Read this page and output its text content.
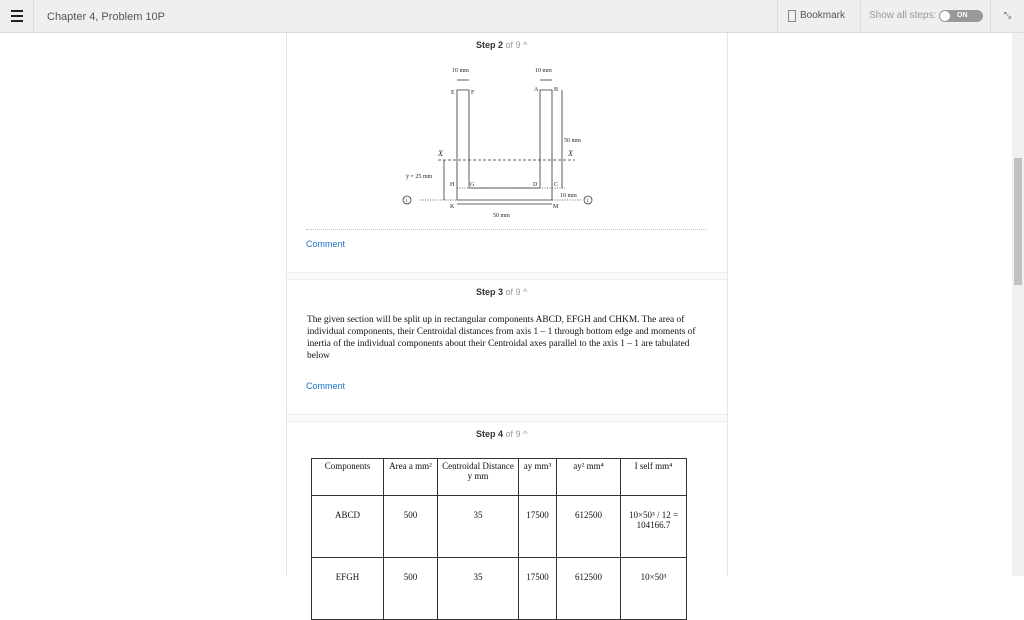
Chapter 4, Problem 10P	Bookmark	Show all steps:	ON	⤡
Step 2 of 9 ^
10 mm	10 mm
E	F	A	B
50 mm
X	X
ȳ = 25 mm
H	G	D	C
10 mm
K	M
1	1
50 mm
Comment
Step 3 of 9 ^
The given section will be split up in rectangular components ABCD, EFGH and CHKM. The area of individual components, their Centroidal distances from axis 1 – 1 through bottom edge and moments of inertia of the individual components about their Centroidal axes parallel to the axis 1 – 1 are tabulated below
Comment
Step 4 of 9 ^
Components	Area a mm²	Centroidal Distance y mm	ay mm³	ay² mm⁴	I self mm⁴
ABCD	500	35	17500	612500	10×50³ / 12 = 104166.7
EFGH	500	35	17500	612500	10×50³
